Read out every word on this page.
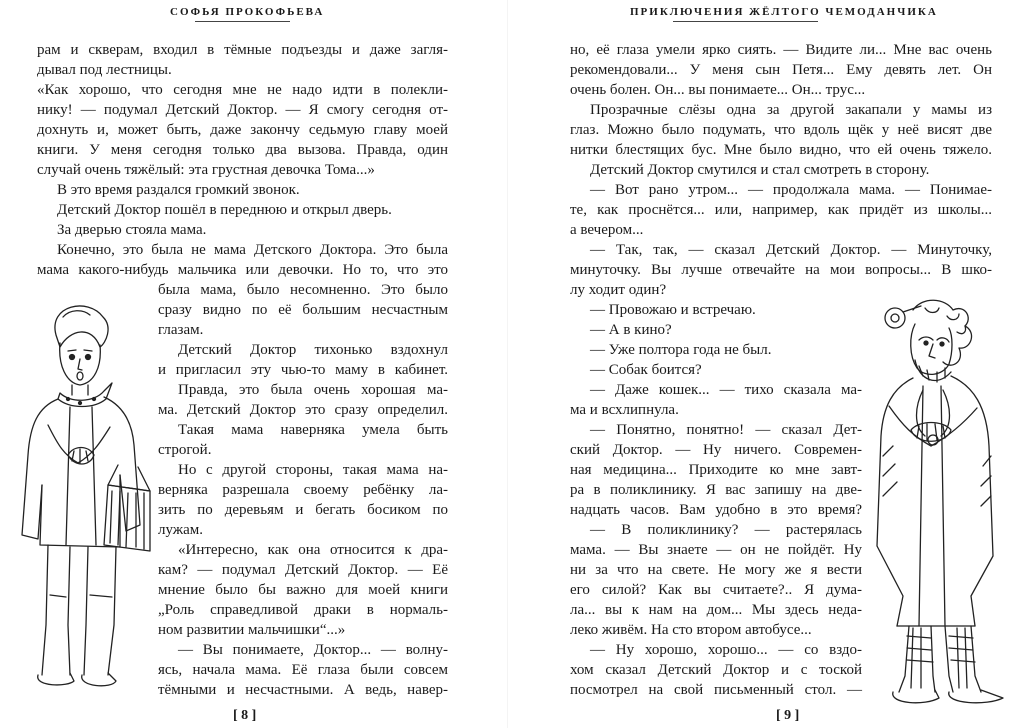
СОФЬЯ ПРОКОФЬЕВА
рам и скверам, входил в тёмные подъезды и даже загля-
дывал под лестницы.
«Как хорошо, что сегодня мне не надо идти в полекли-
нику! — подумал Детский Доктор. — Я смогу сегодня от-
дохнуть и, может быть, даже закончу седьмую главу моей
книги. У меня сегодня только два вызова. Правда, один
случай очень тяжёлый: эта грустная девочка Тома...»
В это время раздался громкий звонок.
Детский Доктор пошёл в переднюю и открыл дверь.
За дверью стояла мама.
Конечно, это была не мама Детского Доктора. Это была
мама какого-нибудь мальчика или девочки. Но то, что это
была мама, было несомненно. Это было
сразу видно по её большим несчастным
глазам.
Детский Доктор тихонько вздохнул
и пригласил эту чью-то маму в кабинет.
Правда, это была очень хорошая ма-
ма. Детский Доктор это сразу определил.
Такая мама наверняка умела быть
строгой.
Но с другой стороны, такая мама на-
верняка разрешала своему ребёнку ла-
зить по деревьям и бегать босиком по
лужам.
«Интересно, как она относится к дра-
кам? — подумал Детский Доктор. — Её
мнение было бы важно для моей книги
„Роль справедливой драки в нормаль-
ном развитии мальчишки“...»
— Вы понимаете, Доктор... — волну-
ясь, начала мама. Её глаза были совсем
тёмными и несчастными. А ведь, навер-
[ 8 ]
ПРИКЛЮЧЕНИЯ ЖЁЛТОГО ЧЕМОДАНЧИКА
но, её глаза умели ярко сиять. — Видите ли... Мне вас очень
рекомендовали... У меня сын Петя... Ему девять лет. Он
очень болен. Он... вы понимаете... Он... трус...
Прозрачные слёзы одна за другой закапали у мамы из
глаз. Можно было подумать, что вдоль щёк у неё висят две
нитки блестящих бус. Мне было видно, что ей очень тяжело.
Детский Доктор смутился и стал смотреть в сторону.
— Вот рано утром... — продолжала мама. — Понимае-
те, как проснётся... или, например, как придёт из школы...
а вечером...
— Так, так, — сказал Детский Доктор. — Минуточку,
минуточку. Вы лучше отвечайте на мои вопросы... В шко-
лу ходит один?
— Провожаю и встречаю.
— А в кино?
— Уже полтора года не был.
— Собак боится?
— Даже кошек... — тихо сказала ма-
ма и всхлипнула.
— Понятно, понятно! — сказал Дет-
ский Доктор. — Ну ничего. Современ-
ная медицина... Приходите ко мне завт-
ра в поликлинику. Я вас запишу на две-
надцать часов. Вам удобно в это время?
— В поликлинику? — растерялась
мама. — Вы знаете — он не пойдёт. Ну
ни за что на свете. Не могу же я вести
его силой? Как вы считаете?.. Я дума-
ла... вы к нам на дом... Мы здесь неда-
леко живём. На сто втором автобусе...
— Ну хорошо, хорошо... — со вздо-
хом сказал Детский Доктор и с тоской
посмотрел на свой письменный стол. —
[ 9 ]
